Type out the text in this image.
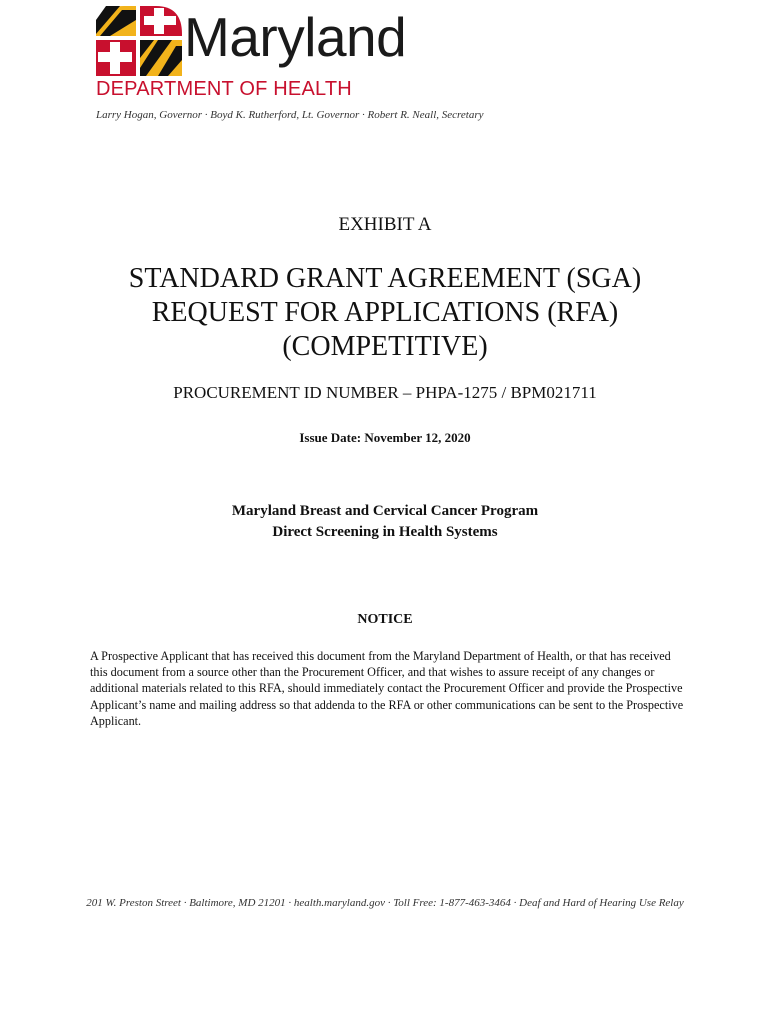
Maryland
DEPARTMENT OF HEALTH
Larry Hogan, Governor · Boyd K. Rutherford, Lt. Governor · Robert R. Neall, Secretary
EXHIBIT A
STANDARD GRANT AGREEMENT (SGA)
REQUEST FOR APPLICATIONS (RFA)
(COMPETITIVE)
PROCUREMENT ID NUMBER – PHPA-1275 / BPM021711
Issue Date: November 12, 2020
Maryland Breast and Cervical Cancer Program
Direct Screening in Health Systems
NOTICE
A Prospective Applicant that has received this document from the Maryland Department of Health, or that has received this document from a source other than the Procurement Officer, and that wishes to assure receipt of any changes or additional materials related to this RFA, should immediately contact the Procurement Officer and provide the Prospective Applicant’s name and mailing address so that addenda to the RFA or other communications can be sent to the Prospective Applicant.
201 W. Preston Street · Baltimore, MD 21201 · health.maryland.gov · Toll Free: 1-877-463-3464 · Deaf and Hard of Hearing Use Relay
